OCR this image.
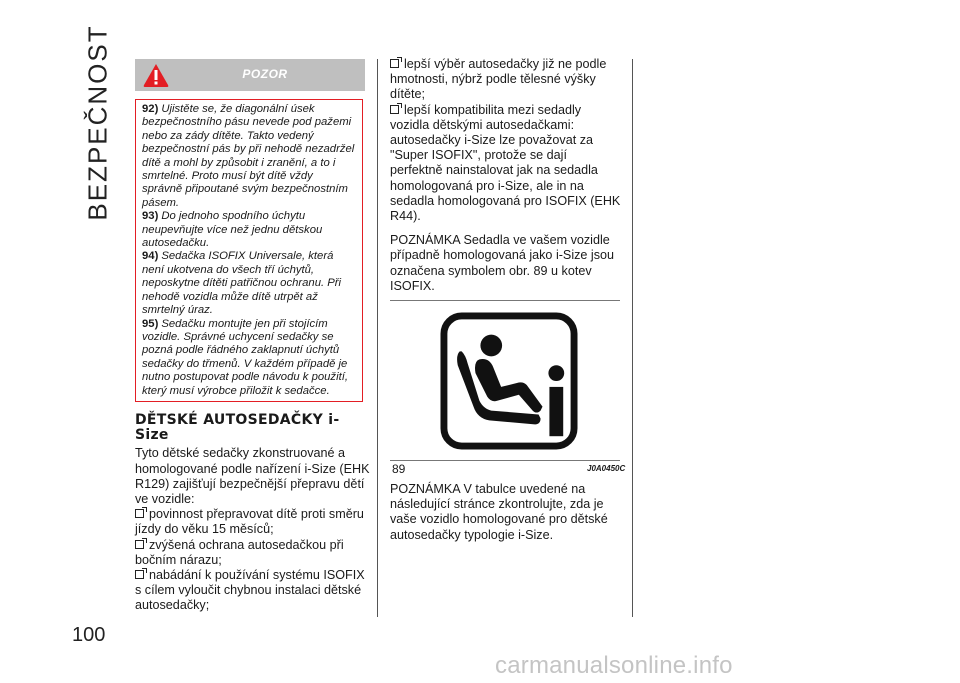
BEZPEČNOST
100
POZOR

92) Ujistěte se, že diagonální úsek bezpečnostního pásu nevede pod pažemi nebo za zády dítěte. Takto vedený bezpečnostní pás by při nehodě nezadržel dítě a mohl by způsobit i zranění, a to i smrtelné. Proto musí být dítě vždy správně připoutané svým bezpečnostním pásem.

93) Do jednoho spodního úchytu neupevňujte více než jednu dětskou autosedačku.

94) Sedačka ISOFIX Universale, která není ukotvena do všech tří úchytů, neposkytne dítěti patřičnou ochranu. Při nehodě vozidla může dítě utrpět až smrtelný úraz.

95) Sedačku montujte jen při stojícím vozidle. Správné uchycení sedačky se pozná podle řádného zaklapnutí úchytů sedačky do třmenů. V každém případě je nutno postupovat podle návodu k použití, který musí výrobce přiložit k sedačce.

DĚTSKÉ AUTOSEDAČKY i-Size

Tyto dětské sedačky zkonstruované a homologované podle nařízení i-Size (EHK R129) zajišťují bezpečnější přepravu dětí ve vozidle:

povinnost přepravovat dítě proti směru jízdy do věku 15 měsíců;

zvýšená ochrana autosedačkou při bočním nárazu;

nabádání k používání systému ISOFIX s cílem vyloučit chybnou instalaci dětské autosedačky;

lepší výběr autosedačky již ne podle hmotnosti, nýbrž podle tělesné výšky dítěte;

lepší kompatibilita mezi sedadly vozidla dětskými autosedačkami: autosedačky i-Size lze považovat za "Super ISOFIX", protože se dají perfektně nainstalovat jak na sedadla homologovaná pro i-Size, ale in na sedadla homologovaná pro ISOFIX (EHK R44).

POZNÁMKA Sedadla ve vašem vozidle případně homologovaná jako i-Size jsou označena symbolem obr. 89 u kotev ISOFIX.

89	J0A0450C

POZNÁMKA V tabulce uvedené na následující stránce zkontrolujte, zda je vaše vozidlo homologované pro dětské autosedačky typologie i-Size.

carmanualsonline.info
